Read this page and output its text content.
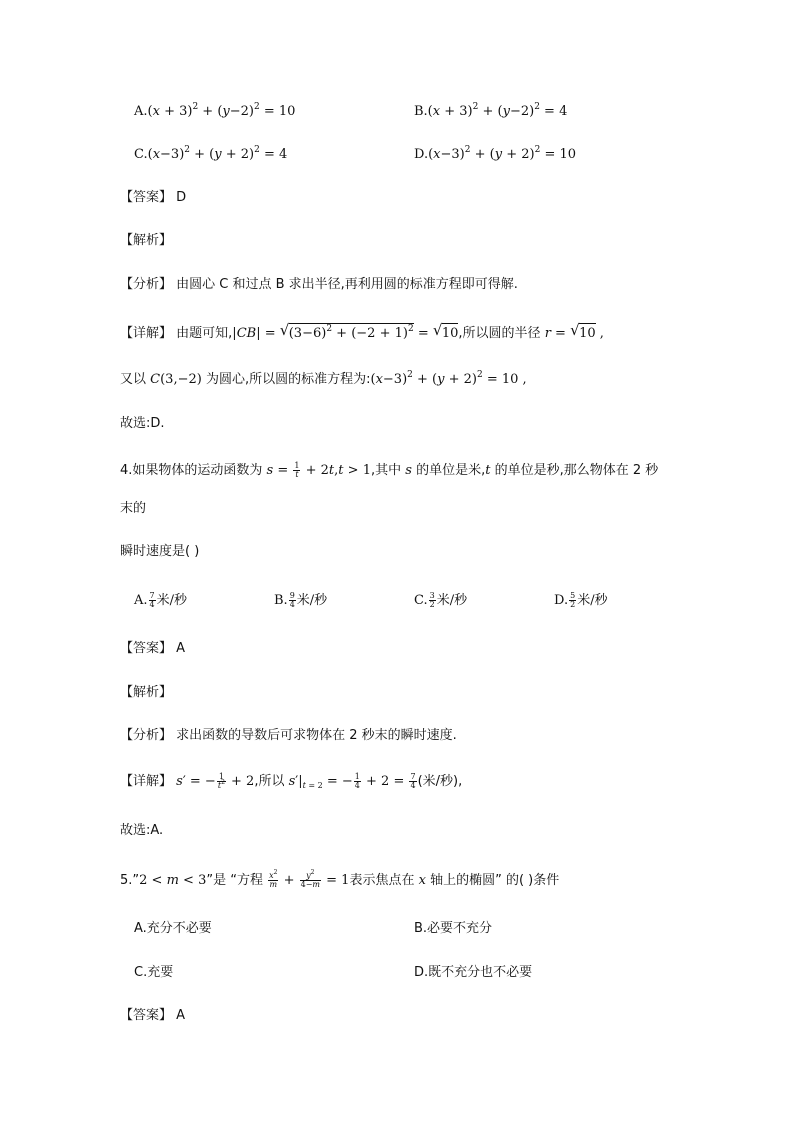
$A.(x + 3)^2 + (y-2)^2 = 10$	$B.(x + 3)^2 + (y-2)^2 = 4$
$C.(x-3)^2 + (y + 2)^2 = 4$	$D.(x-3)^2 + (y + 2)^2 = 10$
【答案】 D
【解析】
【分析】 由圆心 C 和过点 B 求出半径,再利用圆的标准方程即可得解.
【详解】 由题可知,|CB| = √ $(3-6)^2 + (-2 + 1)^2$ = √ 10,所以圆的半径 r = √ 10 ,
又以 C(3,−2) 为圆心,所以圆的标准方程为$:(x-3)^2 + (y + 2)^2 = 10$ ,
故选:D.
4.如果物体的运动函数为 $s = \frac{1}{t} + 2t,t > 1$,其中 s 的单位是米,t 的单位是秒,那么物体在 2 秒
末的
瞬时速度是( )
A. $\frac{7}{4}$ 米/秒	B. $\frac{9}{4}$ 米/秒	C. $\frac{3}{2}$ 米/秒	D. $\frac{5}{2}$ 米/秒
【答案】 A
【解析】
【分析】 求出函数的导数后可求物体在 2 秒末的瞬时速度.
【详解】 s′ = − $\frac{1}{t^2} + 2$,所以 $s'|_{t = 2}$ = − $\frac{1}{4} + 2 = \frac{7}{4}$ (米/秒),
故选:A.
5.”2 < m < 3”是 “方程 $\frac{x^2}{m} + \frac{y^2}{4-m} = 1$表示焦点在 x 轴上的椭圆” 的( )条件
A.充分不必要	B.必要不充分
C.充要	D.既不充分也不必要
【答案】 A
